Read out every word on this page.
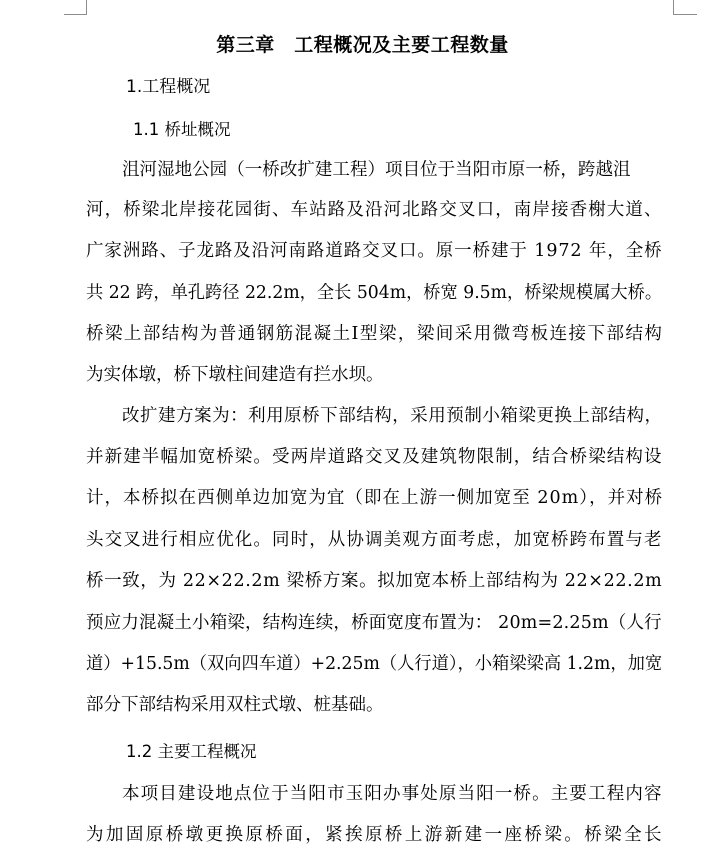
第三章　工程概况及主要工程数量
1.工程概况
1.1 桥址概况
沮河湿地公园（一桥改扩建工程）项目位于当阳市原一桥，跨越沮
河，桥梁北岸接花园街、车站路及沿河北路交叉口，南岸接香榭大道、
广家洲路、子龙路及沿河南路道路交叉口。原一桥建于 1972 年，全桥
共 22 跨，单孔跨径 22.2m，全长 504m，桥宽 9.5m，桥梁规模属大桥。
桥梁上部结构为普通钢筋混凝土Ⅰ型梁，梁间采用微弯板连接下部结构
为实体墩，桥下墩柱间建造有拦水坝。
改扩建方案为：利用原桥下部结构，采用预制小箱梁更换上部结构，
并新建半幅加宽桥梁。受两岸道路交叉及建筑物限制，结合桥梁结构设
计，本桥拟在西侧单边加宽为宜（即在上游一侧加宽至 20m），并对桥
头交叉进行相应优化。同时，从协调美观方面考虑，加宽桥跨布置与老
桥一致，为 22×22.2m 梁桥方案。拟加宽本桥上部结构为 22×22.2m
预应力混凝土小箱梁，结构连续，桥面宽度布置为： 20m=2.25m（人行
道）+15.5m（双向四车道）+2.25m（人行道），小箱梁梁高 1.2m，加宽
部分下部结构采用双柱式墩、桩基础。
1.2 主要工程概况
本项目建设地点位于当阳市玉阳办事处原当阳一桥。主要工程内容
为加固原桥墩更换原桥面，紧挨原桥上游新建一座桥梁。桥梁全长
